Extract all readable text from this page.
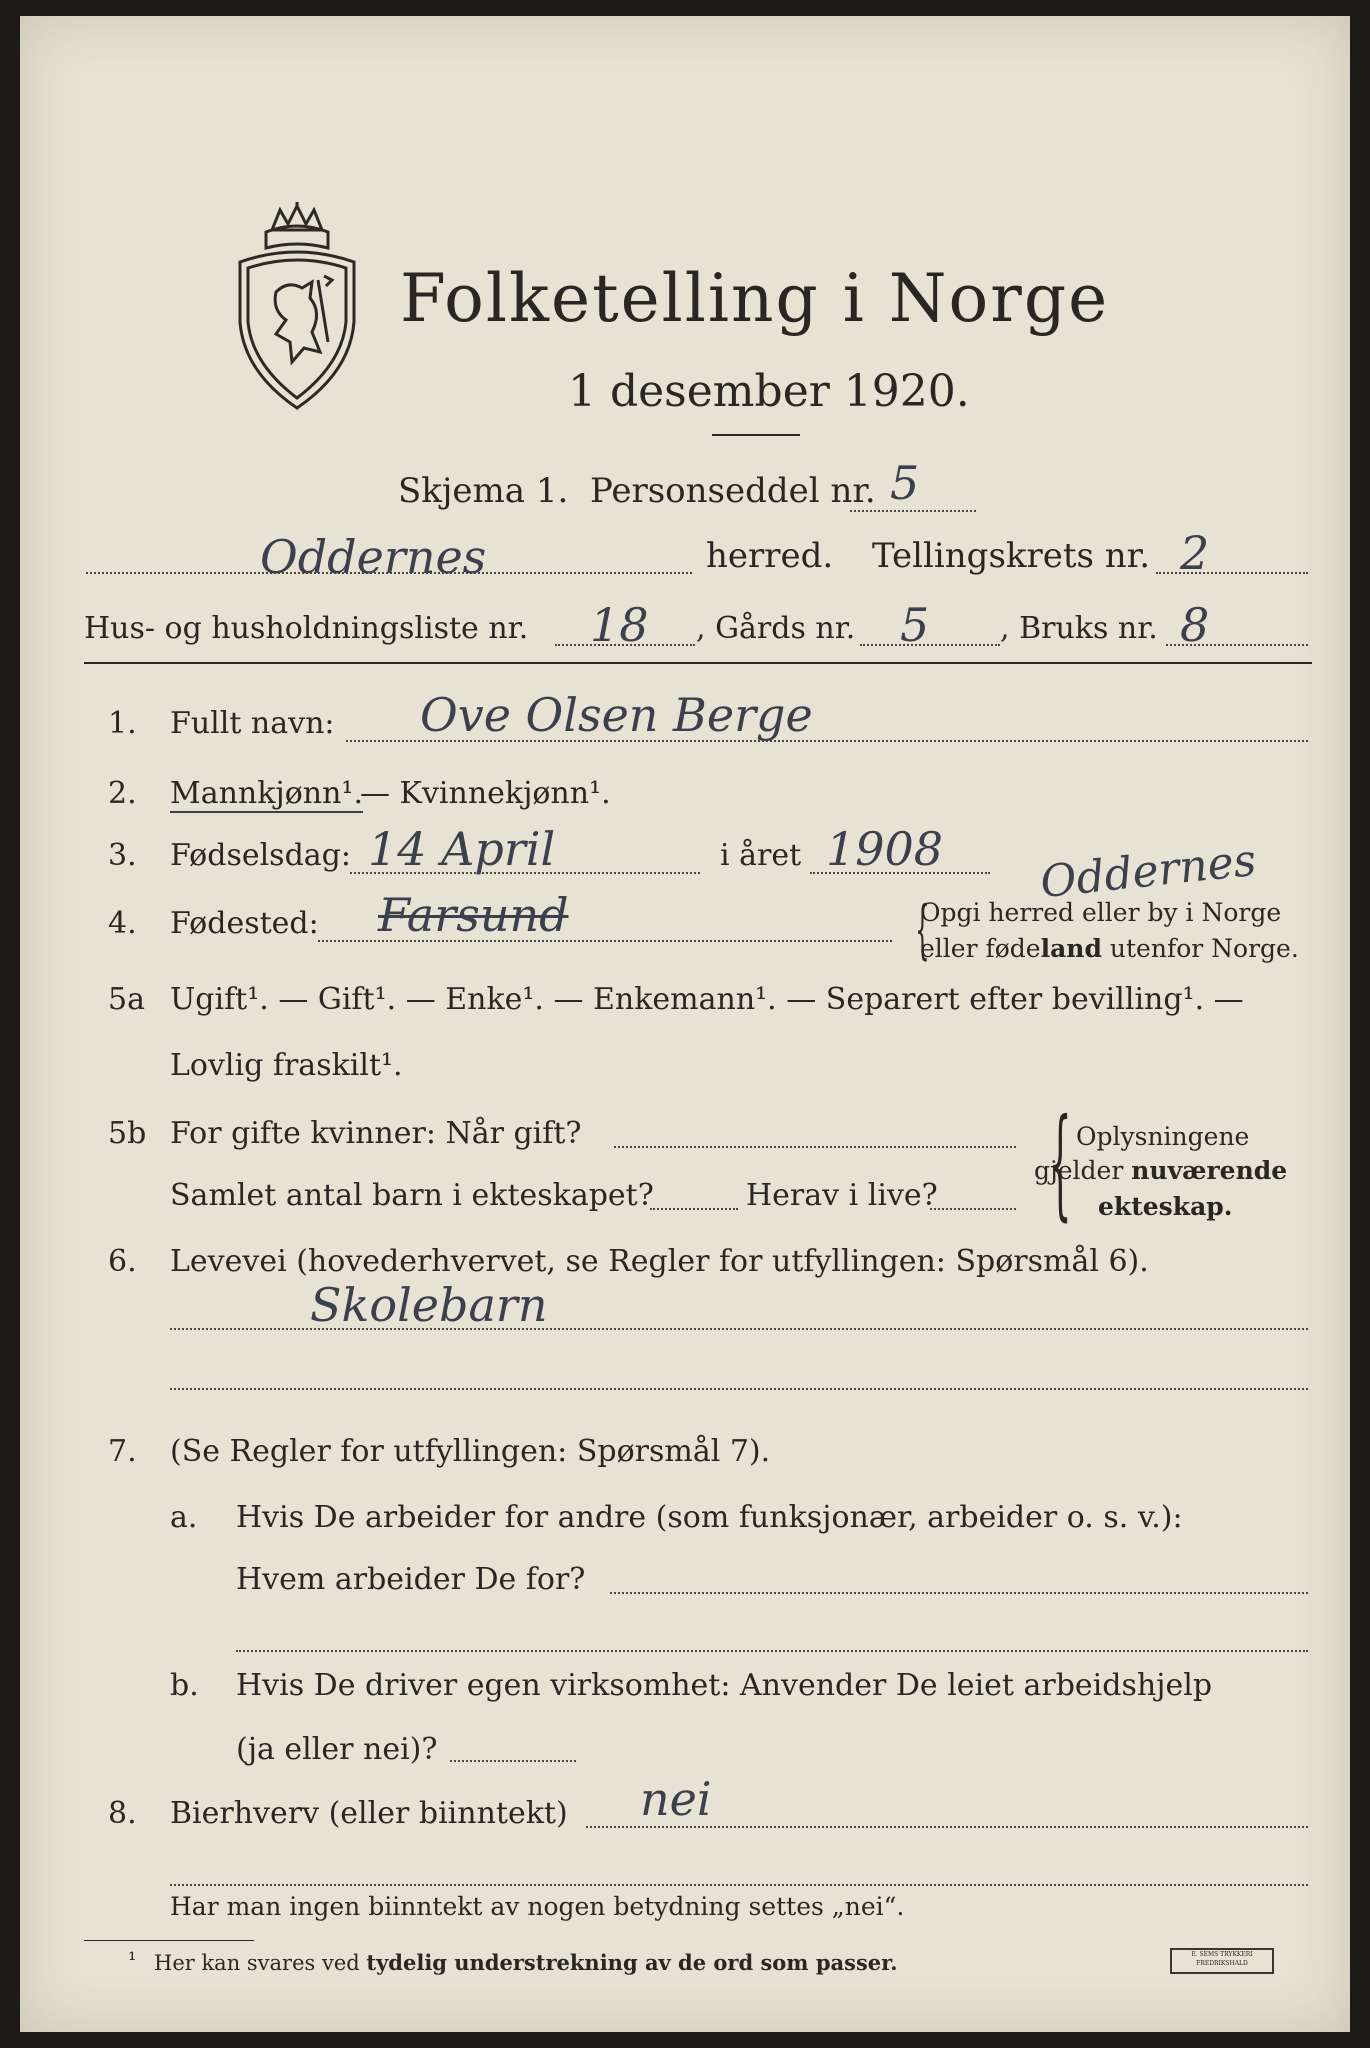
Folketelling i Norge
1 desember 1920.
Skjema 1. Personseddel nr. 5
Oddernes	herred. Tellingskrets nr. 2
Hus- og husholdningsliste nr. 18 , Gårds nr. 5 , Bruks nr. 8
1. Fullt navn: Ove Olsen Berge
2. Mannkjønn¹.
— Kvinnekjønn¹.
3. Fødselsdag: 14 April	i året 1908 Oddernes
4. Fødested: Farsund	{
Opgi herred eller by i Norge
eller fødeland utenfor Norge.
5a Ugift¹. — Gift¹. — Enke¹. — Enkemann¹. — Separert efter bevilling¹. —
Lovlig fraskilt¹.
5b For gifte kvinner: Når gift?
Samlet antal barn i ekteskapet?	Herav i live? { Oplysningene
gjelder nuværende
ekteskap.
6. Levevei (hovederhvervet, se Regler for utfyllingen: Spørsmål 6).
Skolebarn
7. (Se Regler for utfyllingen: Spørsmål 7).
a. Hvis De arbeider for andre (som funksjonær, arbeider o. s. v.):
Hvem arbeider De for?
b. Hvis De driver egen virksomhet: Anvender De leiet arbeidshjelp
(ja eller nei)?
8. Bierhverv (eller biinntekt) nei
Har man ingen biinntekt av nogen betydning settes „nei“.
¹ Her kan svares ved tydelig understrekning av de ord som passer.	E. SEMS TRYKKERI FREDRIKSHALD
